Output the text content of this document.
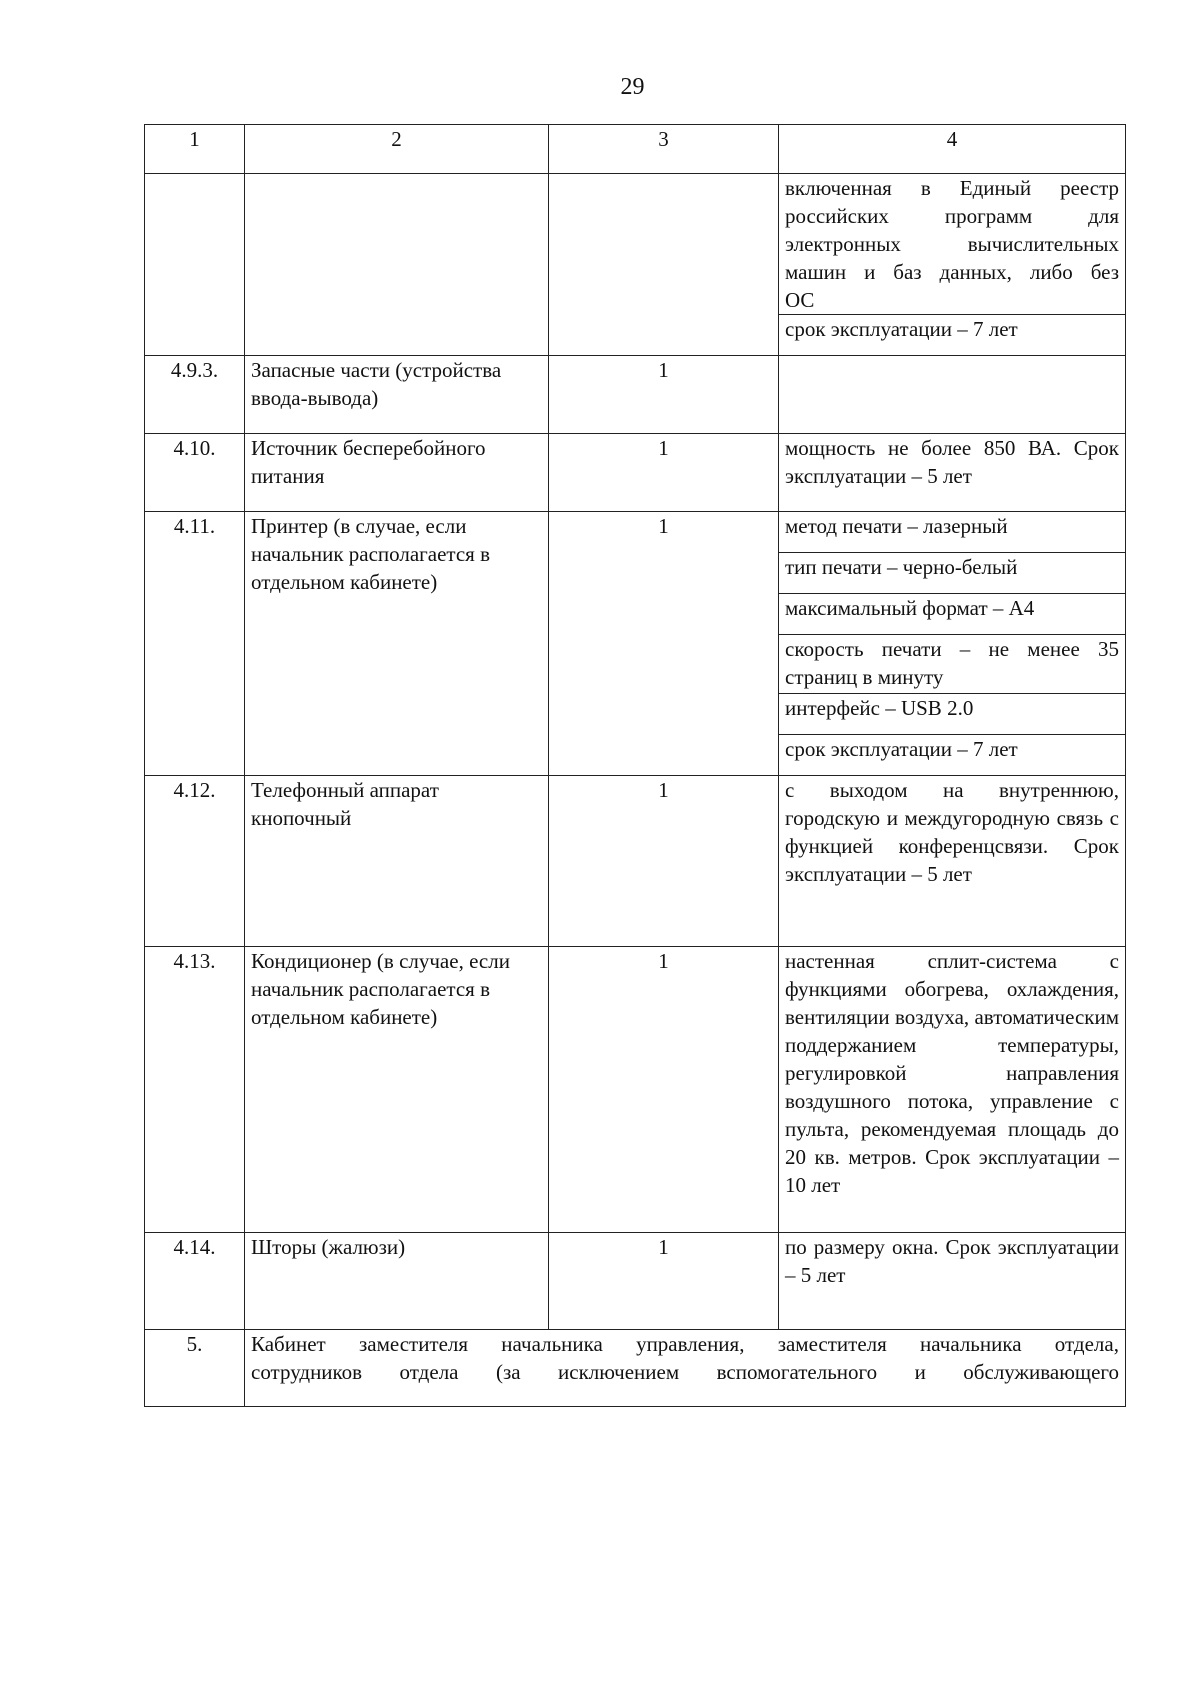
29
1	2	3	4

			включенная в Единый реестр
российских программ для
электронных вычислительных
машин и баз данных, либо без
ОС

			срок эксплуатации – 7 лет
4.9.3.	Запасные части (устройства ввода-вывода)	1	
4.10.	Источник бесперебойного питания	1	мощность не более 850 ВА. Срок эксплуатации – 5 лет
4.11.	Принтер (в случае, если начальник располагается в отдельном кабинете)	1	метод печати – лазерный
			тип печати – черно-белый
			максимальный формат – А4
			скорость печати – не менее 35 страниц в минуту
			интерфейс – USB 2.0
			срок эксплуатации – 7 лет
4.12.	Телефонный аппарат кнопочный	1	с выходом на внутреннюю, городскую и междугородную связь с функцией конференцсвязи. Срок эксплуатации – 5 лет
4.13.	Кондиционер (в случае, если начальник располагается в отдельном кабинете)	1	настенная сплит-система с функциями обогрева, охлаждения, вентиляции воздуха, автоматическим поддержанием температуры, регулировкой направления воздушного потока, управление с пульта, рекомендуемая площадь до 20 кв. метров. Срок эксплуатации – 10 лет
4.14.	Шторы (жалюзи)	1	по размеру окна. Срок эксплуатации – 5 лет
5.	Кабинет заместителя начальника управления, заместителя начальника отдела,
сотрудников отдела (за исключением вспомогательного и обслуживающего		
